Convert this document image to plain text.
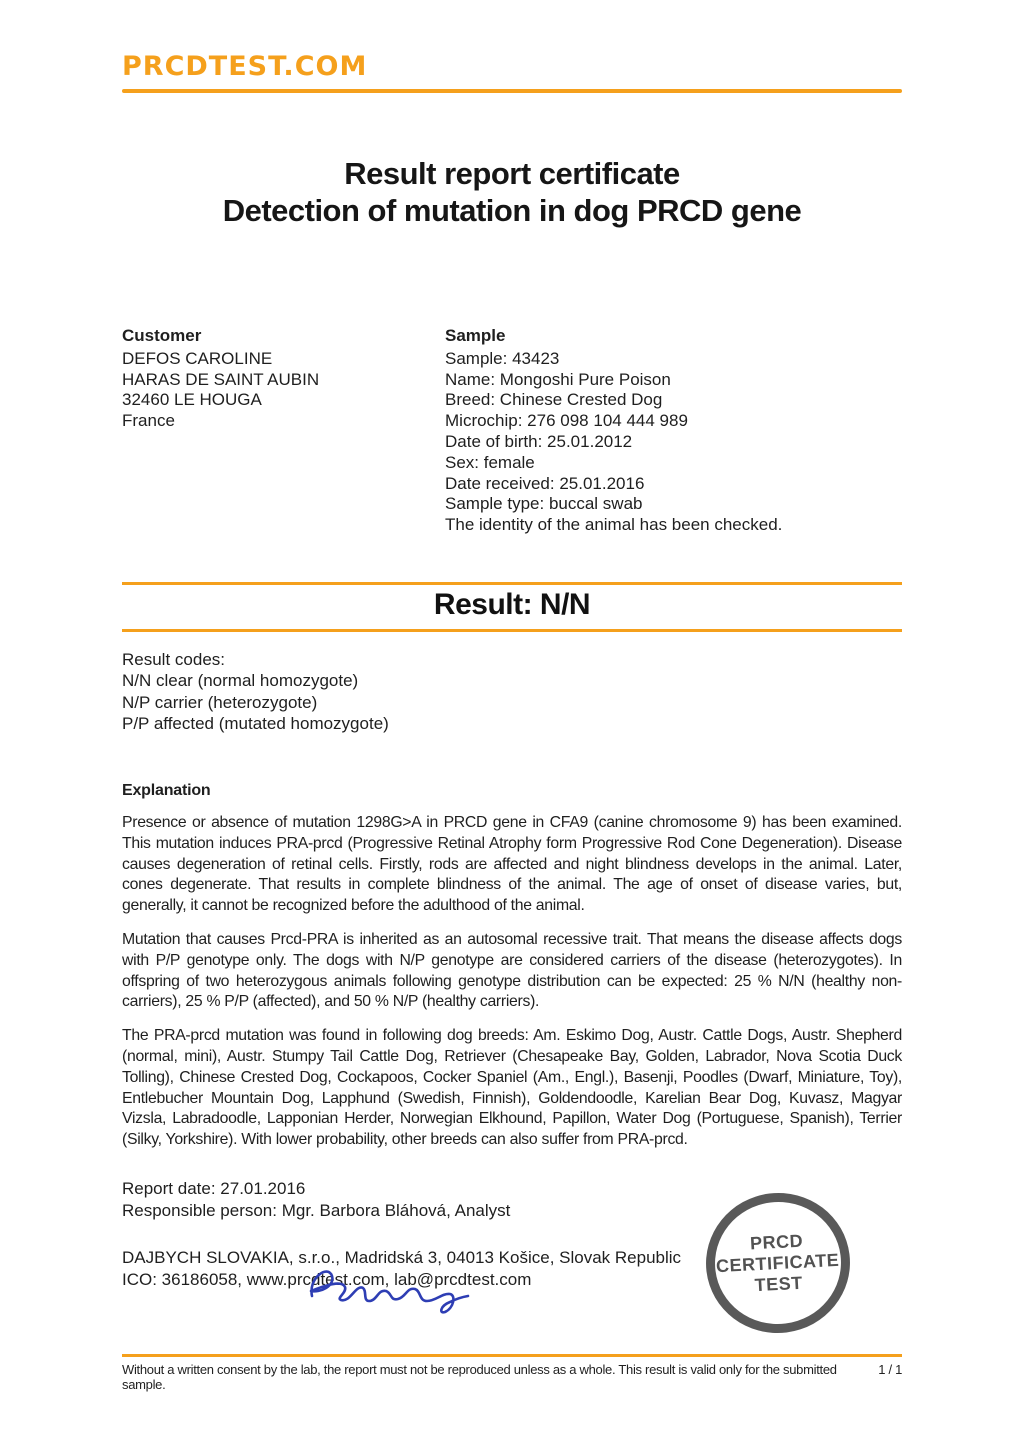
PRCDTEST.COM
Result report certificate
Detection of mutation in dog PRCD gene
Customer
DEFOS CAROLINE
HARAS DE SAINT AUBIN
32460 LE HOUGA
France
Sample
Sample: 43423
Name: Mongoshi Pure Poison
Breed: Chinese Crested Dog
Microchip: 276 098 104 444 989
Date of birth: 25.01.2012
Sex: female
Date received: 25.01.2016
Sample type: buccal swab
The identity of the animal has been checked.
Result: N/N
Result codes:
N/N clear (normal homozygote)
N/P carrier (heterozygote)
P/P affected (mutated homozygote)
Explanation

Presence or absence of mutation 1298G>A in PRCD gene in CFA9 (canine chromosome 9) has been examined. This mutation induces PRA-prcd (Progressive Retinal Atrophy form Progressive Rod Cone Degeneration). Disease causes degeneration of retinal cells. Firstly, rods are affected and night blindness develops in the animal. Later, cones degenerate. That results in complete blindness of the animal. The age of onset of disease varies, but, generally, it cannot be recognized before the adulthood of the animal.

Mutation that causes Prcd-PRA is inherited as an autosomal recessive trait. That means the disease affects dogs with P/P genotype only. The dogs with N/P genotype are considered carriers of the disease (heterozygotes). In offspring of two heterozygous animals following genotype distribution can be expected: 25 % N/N (healthy non-carriers), 25 % P/P (affected), and 50 % N/P (healthy carriers).

The PRA-prcd mutation was found in following dog breeds: Am. Eskimo Dog, Austr. Cattle Dogs, Austr. Shepherd (normal, mini), Austr. Stumpy Tail Cattle Dog, Retriever (Chesapeake Bay, Golden, Labrador, Nova Scotia Duck Tolling), Chinese Crested Dog, Cockapoos, Cocker Spaniel (Am., Engl.), Basenji, Poodles (Dwarf, Miniature, Toy), Entlebucher Mountain Dog, Lapphund (Swedish, Finnish), Goldendoodle, Karelian Bear Dog, Kuvasz, Magyar Vizsla, Labradoodle, Lapponian Herder, Norwegian Elkhound, Papillon, Water Dog (Portuguese, Spanish), Terrier (Silky, Yorkshire). With lower probability, other breeds can also suffer from PRA-prcd.

Report date: 27.01.2016
Responsible person: Mgr. Barbora Bláhová, Analyst
DAJBYCH SLOVAKIA, s.r.o., Madridská 3, 04013 Košice, Slovak Republic
ICO: 36186058, www.prcdtest.com, lab@prcdtest.com
PRCD
CERTIFICATE
TEST
Without a written consent by the lab, the report must not be reproduced unless as a whole. This result is valid only for the submitted sample.
1 / 1
